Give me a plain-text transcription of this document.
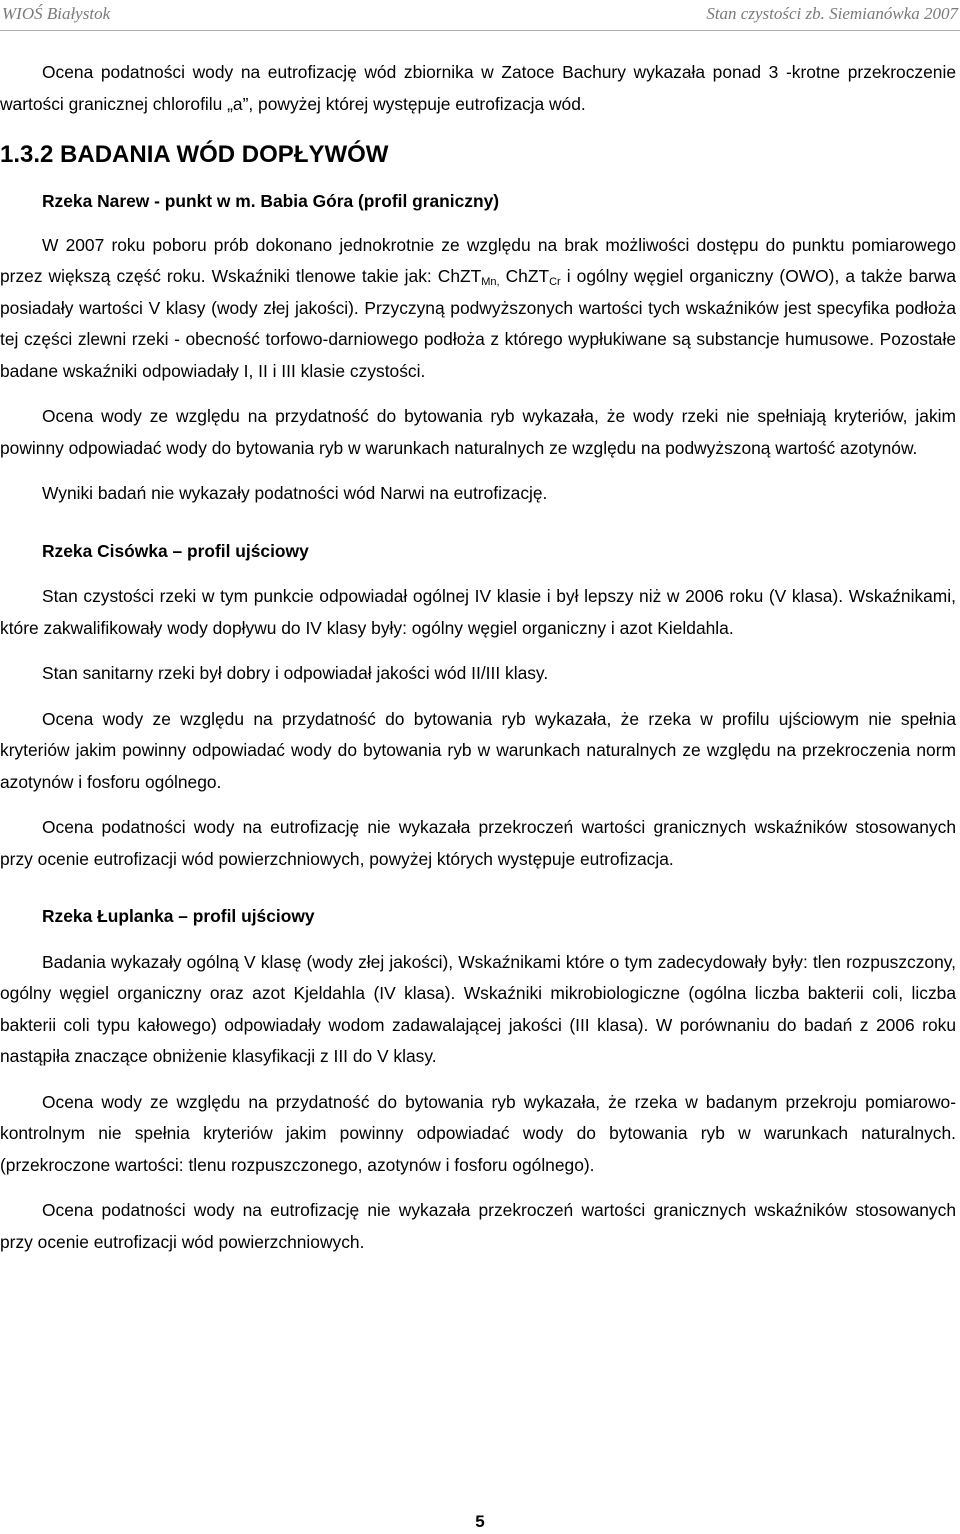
WIOŚ Białystok	Stan czystości zb. Siemianówka 2007

Ocena podatności wody na eutrofizację wód zbiornika w Zatoce Bachury wykazała ponad 3 -krotne przekroczenie wartości granicznej chlorofilu „a”, powyżej której występuje eutrofizacja wód.

1.3.2 BADANIA WÓD DOPŁYWÓW
Rzeka Narew - punkt w m. Babia Góra (profil graniczny)

W 2007 roku poboru prób dokonano jednokrotnie ze względu na brak możliwości dostępu do punktu pomiarowego przez większą część roku. Wskaźniki tlenowe takie jak: ChZT$_{Mn,}$ ChZT$_{Cr}$ i ogólny węgiel organiczny (OWO), a także barwa posiadały wartości V klasy (wody złej jakości). Przyczyną podwyższonych wartości tych wskaźników jest specyfika podłoża tej części zlewni rzeki - obecność torfowo-darniowego podłoża z którego wypłukiwane są substancje humusowe. Pozostałe badane wskaźniki odpowiadały I, II i III klasie czystości.

Ocena wody ze względu na przydatność do bytowania ryb wykazała, że wody rzeki nie spełniają kryteriów, jakim powinny odpowiadać wody do bytowania ryb w warunkach naturalnych ze względu na podwyższoną wartość azotynów.

Wyniki badań nie wykazały podatności wód Narwi na eutrofizację.

Rzeka Cisówka – profil ujściowy

Stan czystości rzeki w tym punkcie odpowiadał ogólnej IV klasie i był lepszy niż w 2006 roku (V klasa). Wskaźnikami, które zakwalifikowały wody dopływu do IV klasy były: ogólny węgiel organiczny i azot Kieldahla.

Stan sanitarny rzeki był dobry i odpowiadał jakości wód II/III klasy.

Ocena wody ze względu na przydatność do bytowania ryb wykazała, że rzeka w profilu ujściowym nie spełnia kryteriów jakim powinny odpowiadać wody do bytowania ryb w warunkach naturalnych ze względu na przekroczenia norm azotynów i fosforu ogólnego.

Ocena podatności wody na eutrofizację nie wykazała przekroczeń wartości granicznych wskaźników stosowanych przy ocenie eutrofizacji wód powierzchniowych, powyżej których występuje eutrofizacja.

Rzeka Łuplanka – profil ujściowy

Badania wykazały ogólną V klasę (wody złej jakości), Wskaźnikami które o tym zadecydowały były: tlen rozpuszczony, ogólny węgiel organiczny oraz azot Kjeldahla (IV klasa). Wskaźniki mikrobiologiczne (ogólna liczba bakterii coli, liczba bakterii coli typu kałowego) odpowiadały wodom zadawalającej jakości (III klasa). W porównaniu do badań z 2006 roku nastąpiła znaczące obniżenie klasyfikacji z III do V klasy.

Ocena wody ze względu na przydatność do bytowania ryb wykazała, że rzeka w badanym przekroju pomiarowo-kontrolnym nie spełnia kryteriów jakim powinny odpowiadać wody do bytowania ryb w warunkach naturalnych. (przekroczone wartości: tlenu rozpuszczonego, azotynów i fosforu ogólnego).

Ocena podatności wody na eutrofizację nie wykazała przekroczeń wartości granicznych wskaźników stosowanych przy ocenie eutrofizacji wód powierzchniowych.

5
